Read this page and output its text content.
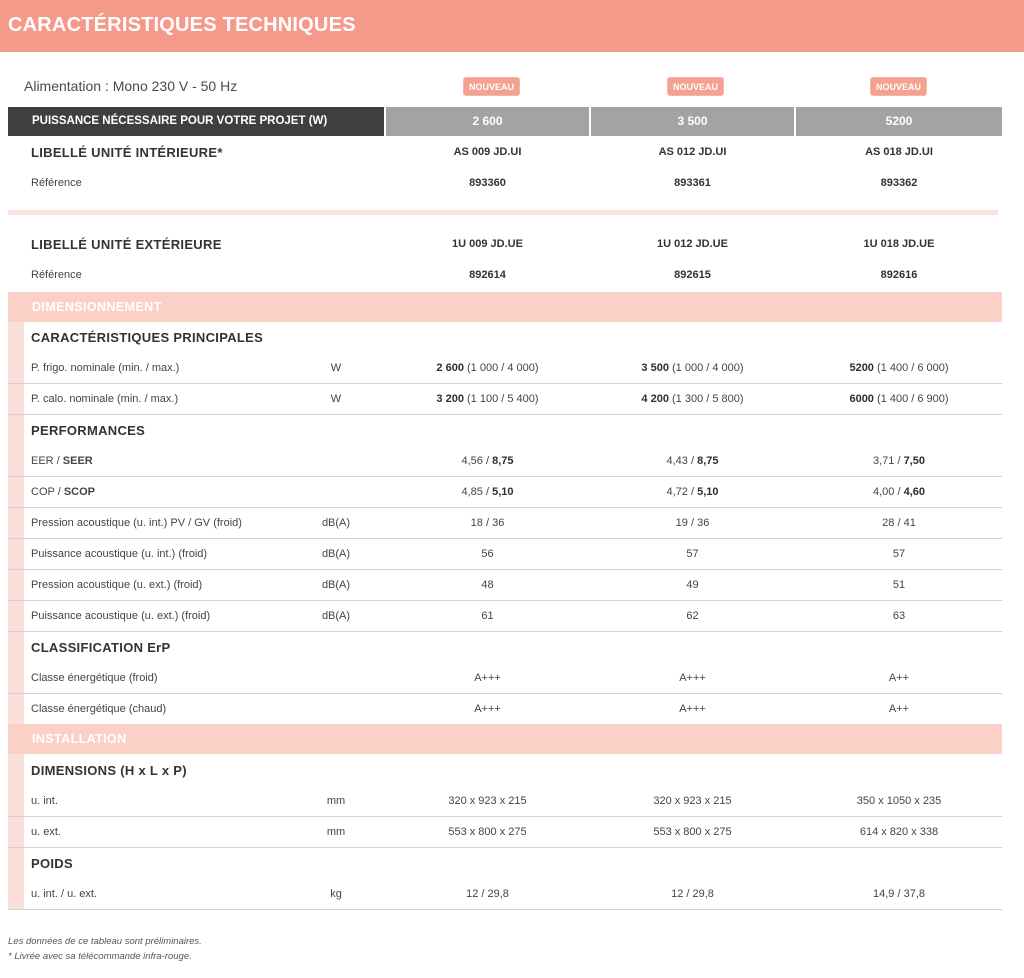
CARACTÉRISTIQUES TECHNIQUES
Alimentation : Mono 230 V - 50 Hz	NOUVEAU	NOUVEAU	NOUVEAU
PUISSANCE NÉCESSAIRE POUR VOTRE PROJET (W)	2 600	3 500	5200
LIBELLÉ UNITÉ INTÉRIEURE*	AS 009 JD.UI	AS 012 JD.UI	AS 018 JD.UI
Référence	893360	893361	893362
LIBELLÉ UNITÉ EXTÉRIEURE	1U 009 JD.UE	1U 012 JD.UE	1U 018 JD.UE
Référence	892614	892615	892616
DIMENSIONNEMENT
CARACTÉRISTIQUES PRINCIPALES
P. frigo. nominale (min. / max.)	W	2 600 (1 000 / 4 000)	3 500 (1 000 / 4 000)	5200 (1 400 / 6 000)
P. calo. nominale (min. / max.)	W	3 200 (1 100 / 5 400)	4 200 (1 300 / 5 800)	6000 (1 400 / 6 900)
PERFORMANCES
EER / SEER	4,56 / 8,75	4,43 / 8,75	3,71 / 7,50
COP / SCOP	4,85 / 5,10	4,72 / 5,10	4,00 / 4,60
Pression acoustique (u. int.) PV / GV (froid)	dB(A)	18 / 36	19 / 36	28 / 41
Puissance acoustique (u. int.) (froid)	dB(A)	56	57	57
Pression acoustique (u. ext.) (froid)	dB(A)	48	49	51
Puissance acoustique (u. ext.) (froid)	dB(A)	61	62	63
CLASSIFICATION ErP
Classe énergétique (froid)	A+++	A+++	A++
Classe énergétique (chaud)	A+++	A+++	A++
INSTALLATION
DIMENSIONS (H x L x P)
u. int.	mm	320 x 923 x 215	320 x 923 x 215	350 x 1050 x 235
u. ext.	mm	553 x 800 x 275	553 x 800 x 275	614 x 820 x 338
POIDS
u. int. / u. ext.	kg	12 / 29,8	12 / 29,8	14,9 / 37,8
Les données de ce tableau sont préliminaires.
* Livrée avec sa télécommande infra-rouge.
